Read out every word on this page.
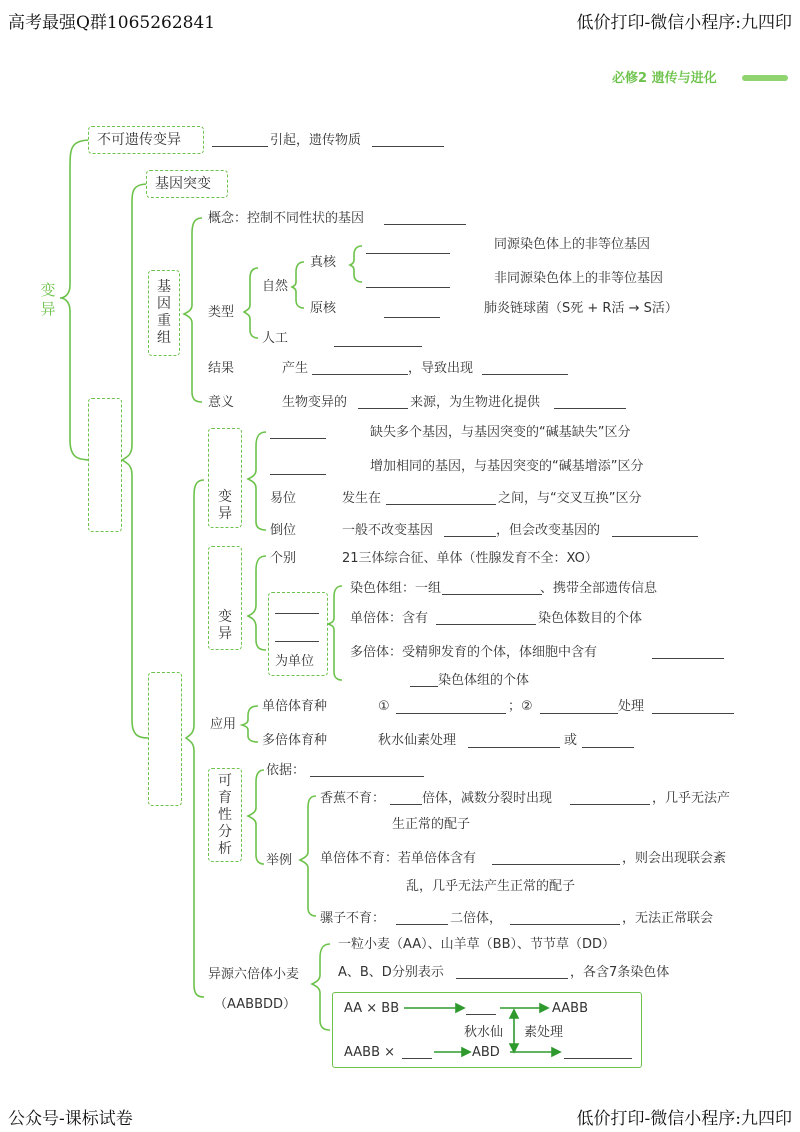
高考最强Q群1065262841	低价打印-微信小程序:九四印
公众号-课标试卷	低价打印-微信小程序:九四印
必修2 遗传与进化
变异
不可遗传变异	引起，遗传物质
基因突变
基因重组
概念：控制不同性状的基因
类型
自然
真核
同源染色体上的非等位基因
非同源染色体上的非等位基因
原核	肺炎链球菌（S死 + R活 → S活）
人工
结果	产生	，导致出现
意义	生物变异的	来源，为生物进化提供
变异
缺失多个基因，与基因突变的“碱基缺失”区分
增加相同的基因，与基因突变的“碱基增添”区分
易位	发生在	之间，与“交叉互换”区分
倒位	一般不改变基因	，但会改变基因的
变异
个别	21三体综合征、单体（性腺发育不全：XO）
为单位
染色体组：一组	、携带全部遗传信息
单倍体：含有	染色体数目的个体
多倍体：受精卵发育的个体，体细胞中含有
染色体组的个体
应用
单倍体育种	①	；②	处理
多倍体育种	秋水仙素处理	或
可育性分析
依据：
举例
香蕉不育：	倍体，减数分裂时出现	，几乎无法产
生正常的配子
单倍体不育：若单倍体含有	，则会出现联会紊
乱，几乎无法产生正常的配子
骡子不育：	二倍体，	，无法正常联会
异源六倍体小麦
（AABBDD）
一粒小麦（AA）、山羊草（BB）、节节草（DD）
A、B、D分别表示	，各含7条染色体
AA × BB	AABB
秋水仙 素处理
AABB ×	ABD
